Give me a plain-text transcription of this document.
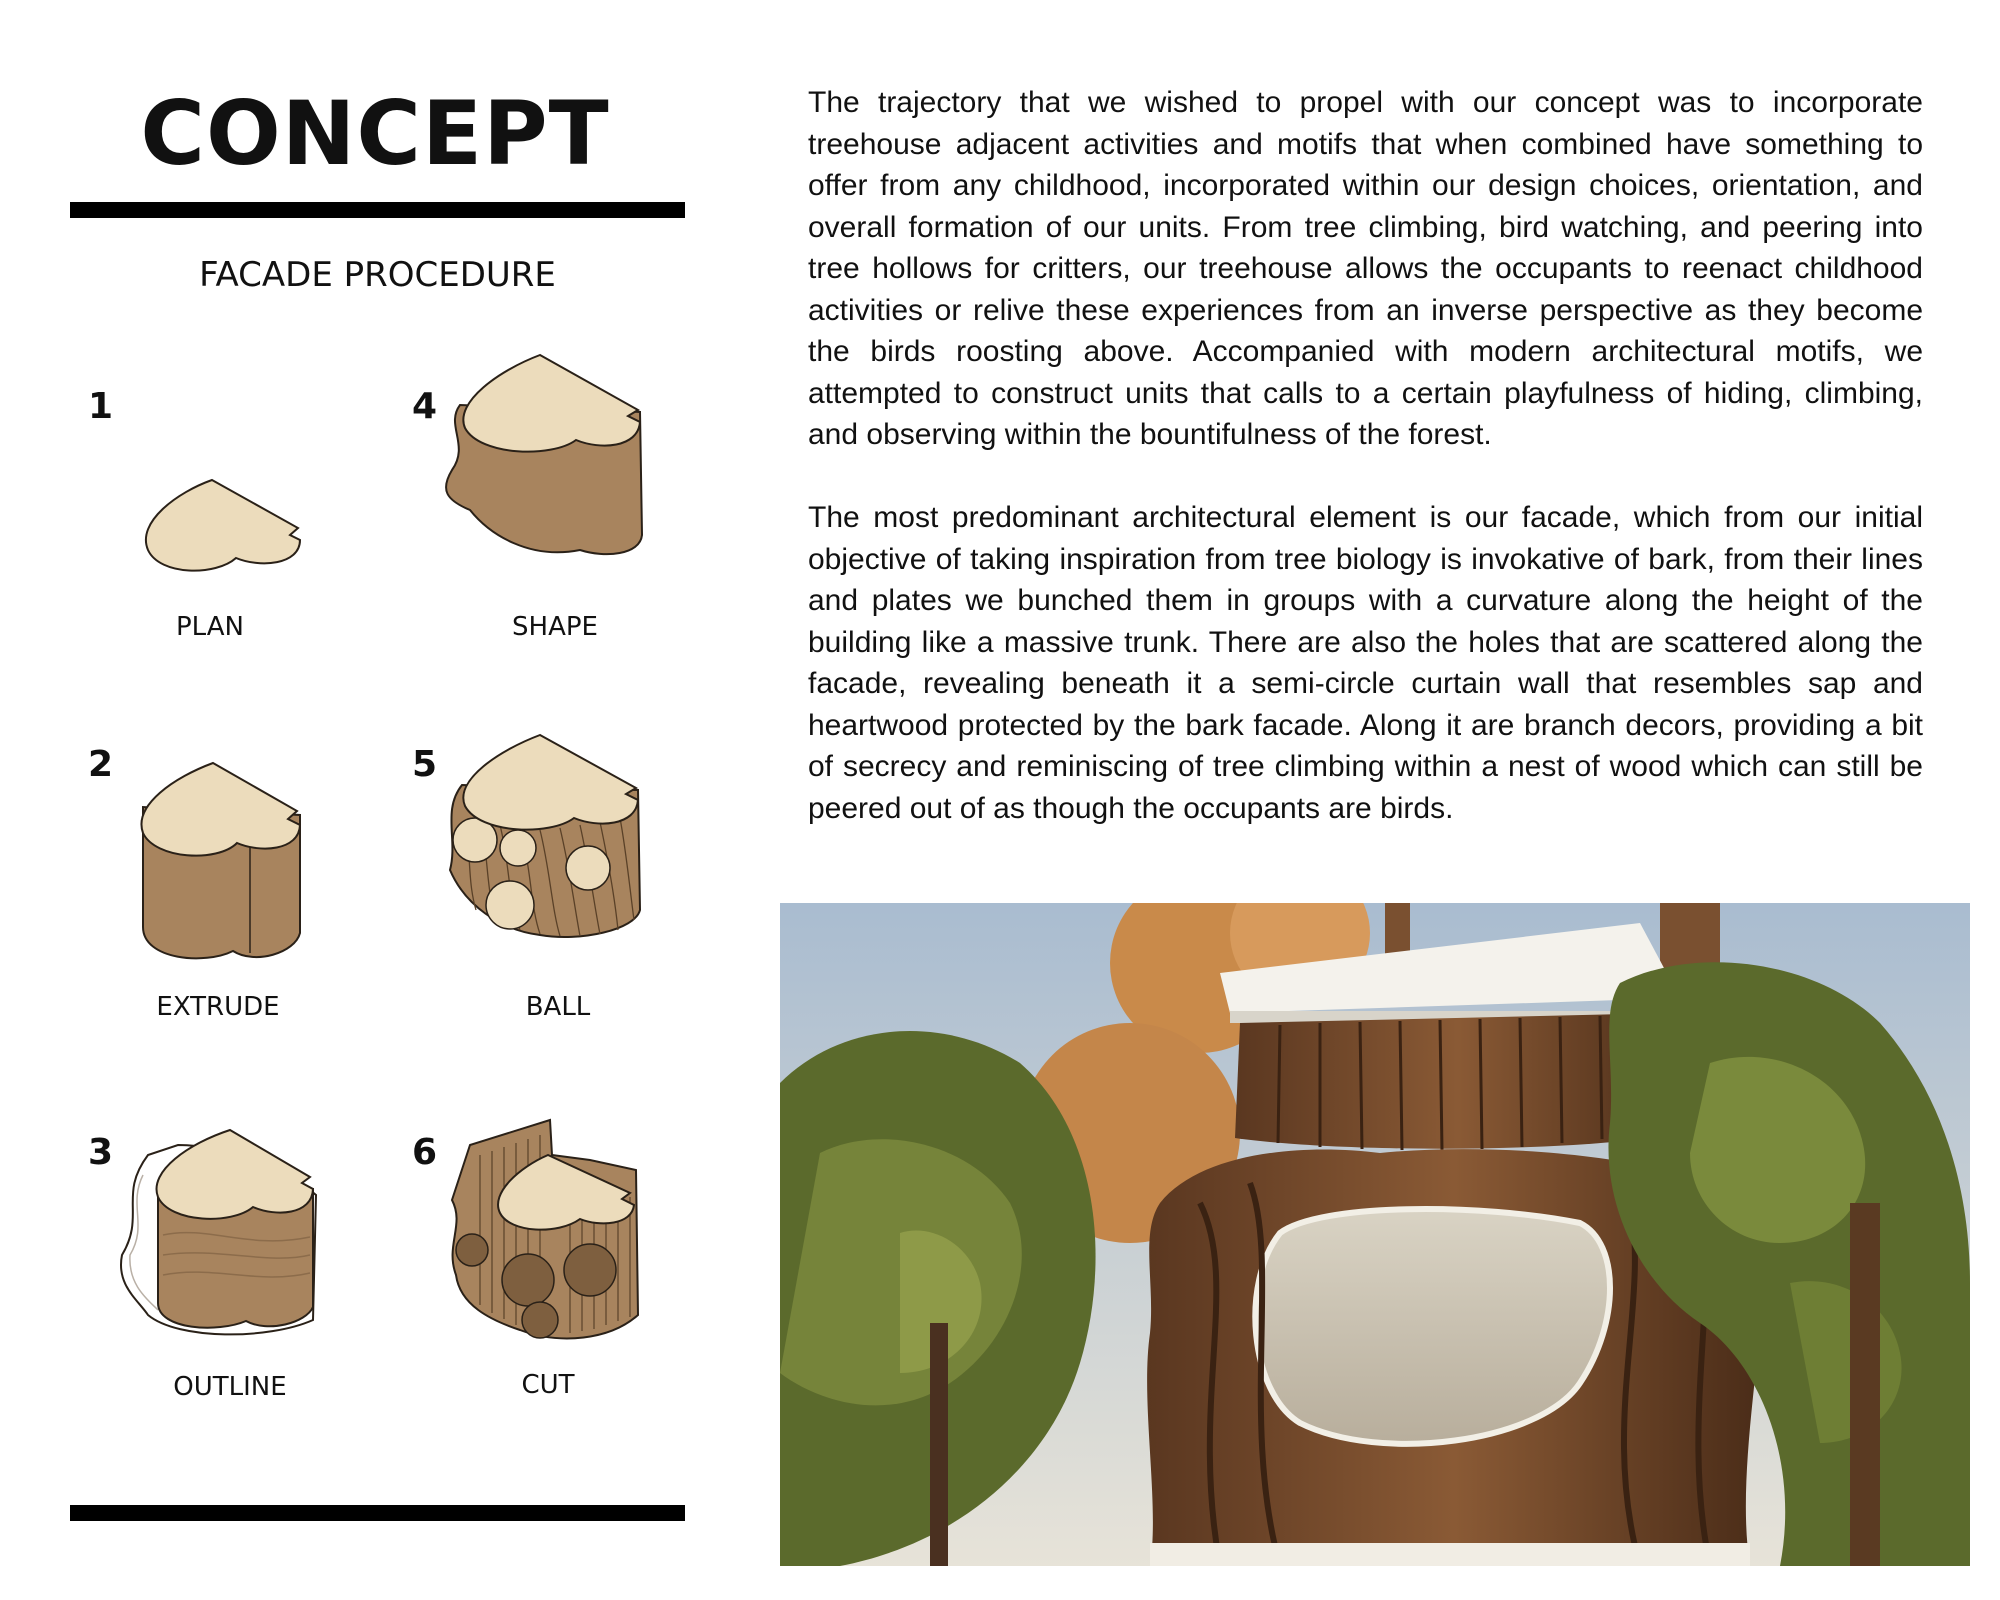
CONCEPT
FACADE PROCEDURE
1
2
3
4
5
6
PLAN
EXTRUDE
OUTLINE
SHAPE
BALL
CUT

The trajectory that we wished to propel with our concept was to incorporate treehouse adjacent activities and motifs that when combined have something to offer from any childhood, incorporated within our design choices, orientation, and overall formation of our units. From tree climbing, bird watching, and peering into tree hollows for critters, our treehouse allows the occupants to reenact childhood activities or relive these experiences from an inverse perspective as they become the birds roosting above. Accompanied with modern architectural motifs, we attempted to construct units that calls to a certain playfulness of hiding, climbing, and observing within the bountifulness of the forest.

The most predominant architectural element is our facade, which from our initial objective of taking inspiration from tree biology is invokative of bark, from their lines and plates we bunched them in groups with a curvature along the height of the building like a massive trunk. There are also the holes that are scattered along the facade, revealing beneath it a semi-circle curtain wall that resembles sap and heartwood protected by the bark facade. Along it are branch decors, providing a bit of secrecy and reminiscing of tree climbing within a nest of wood which can still be peered out of as though the occupants are birds.
